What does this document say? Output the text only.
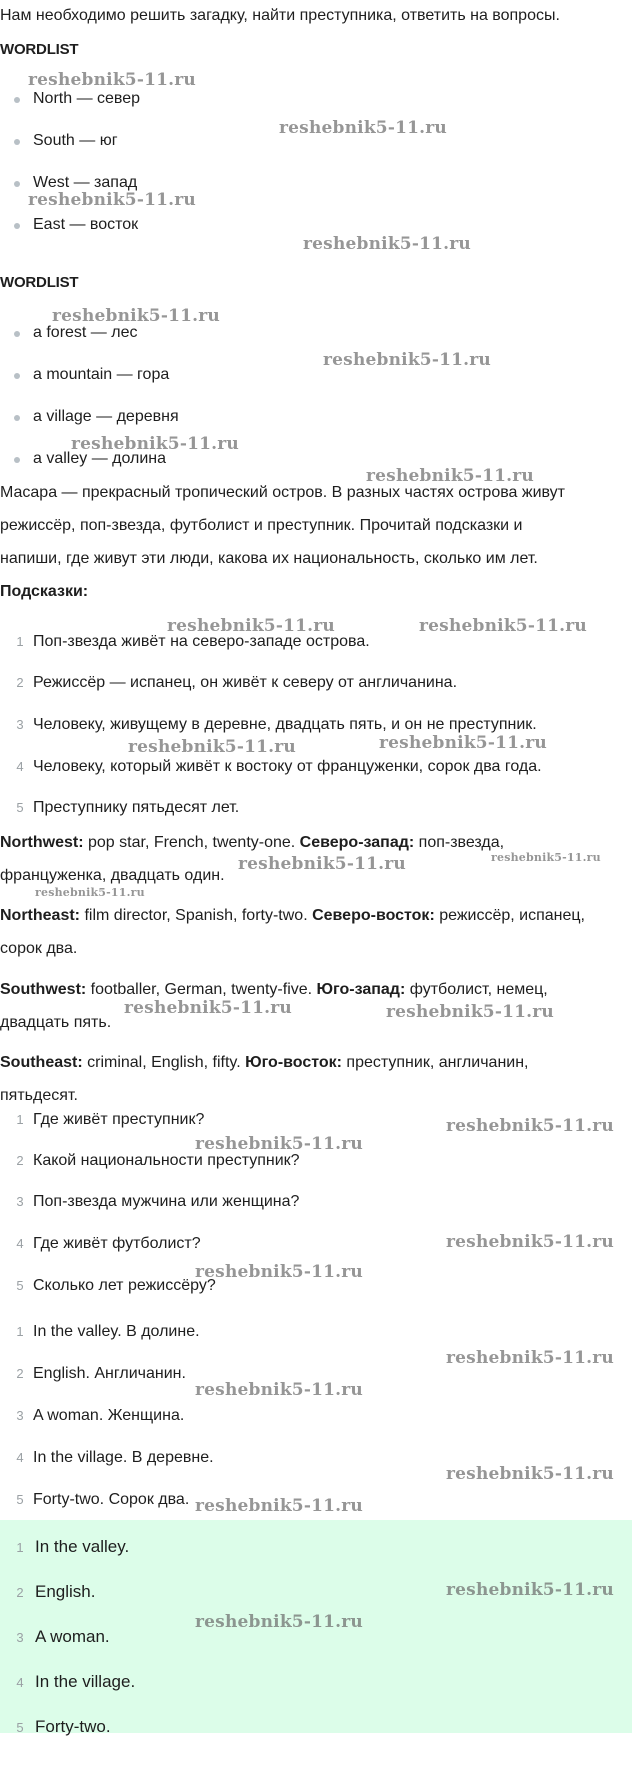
Нам необходимо решить загадку, найти преступника, ответить на вопросы.
WORDLIST
North — север
South — юг
West — запад
East — восток
WORDLIST
a forest — лес
a mountain — гора
a village — деревня
a valley — долина
Масара — прекрасный тропический остров. В разных частях острова живут
режиссёр, поп-звезда, футболист и преступник. Прочитай подсказки и
напиши, где живут эти люди, какова их национальность, сколько им лет.
Подсказки:
1 Поп-звезда живёт на северо-западе острова.
2 Режиссёр — испанец, он живёт к северу от англичанина.
3 Человеку, живущему в деревне, двадцать пять, и он не преступник.
4 Человеку, который живёт к востоку от француженки, сорок два года.
5 Преступнику пятьдесят лет.
Northwest: pop star, French, twenty-one. Северо-запад: поп-звезда,
француженка, двадцать один.
Northeast: film director, Spanish, forty-two. Северо-восток: режиссёр, испанец,
сорок два.
Southwest: footballer, German, twenty-five. Юго-запад: футболист, немец,
двадцать пять.
Southeast: criminal, English, fifty. Юго-восток: преступник, англичанин,
пятьдесят.
1 Где живёт преступник?
2 Какой национальности преступник?
3 Поп-звезда мужчина или женщина?
4 Где живёт футболист?
5 Сколько лет режиссёру?
1 In the valley. В долине.
2 English. Англичанин.
3 A woman. Женщина.
4 In the village. В деревне.
5 Forty-two. Сорок два.
1 In the valley.
2 English.
3 A woman.
4 In the village.
5 Forty-two.
reshebnik5-11.ru
reshebnik5-11.ru
reshebnik5-11.ru
reshebnik5-11.ru
reshebnik5-11.ru
reshebnik5-11.ru
reshebnik5-11.ru
reshebnik5-11.ru
reshebnik5-11.ru	reshebnik5-11.ru
reshebnik5-11.ru	reshebnik5-11.ru
reshebnik5-11.ru	reshebnik5-11.ru
reshebnik5-11.ru
reshebnik5-11.ru	reshebnik5-11.ru
reshebnik5-11.ru
reshebnik5-11.ru
reshebnik5-11.ru
reshebnik5-11.ru
reshebnik5-11.ru
reshebnik5-11.ru
reshebnik5-11.ru
reshebnik5-11.ru
reshebnik5-11.ru
reshebnik5-11.ru
